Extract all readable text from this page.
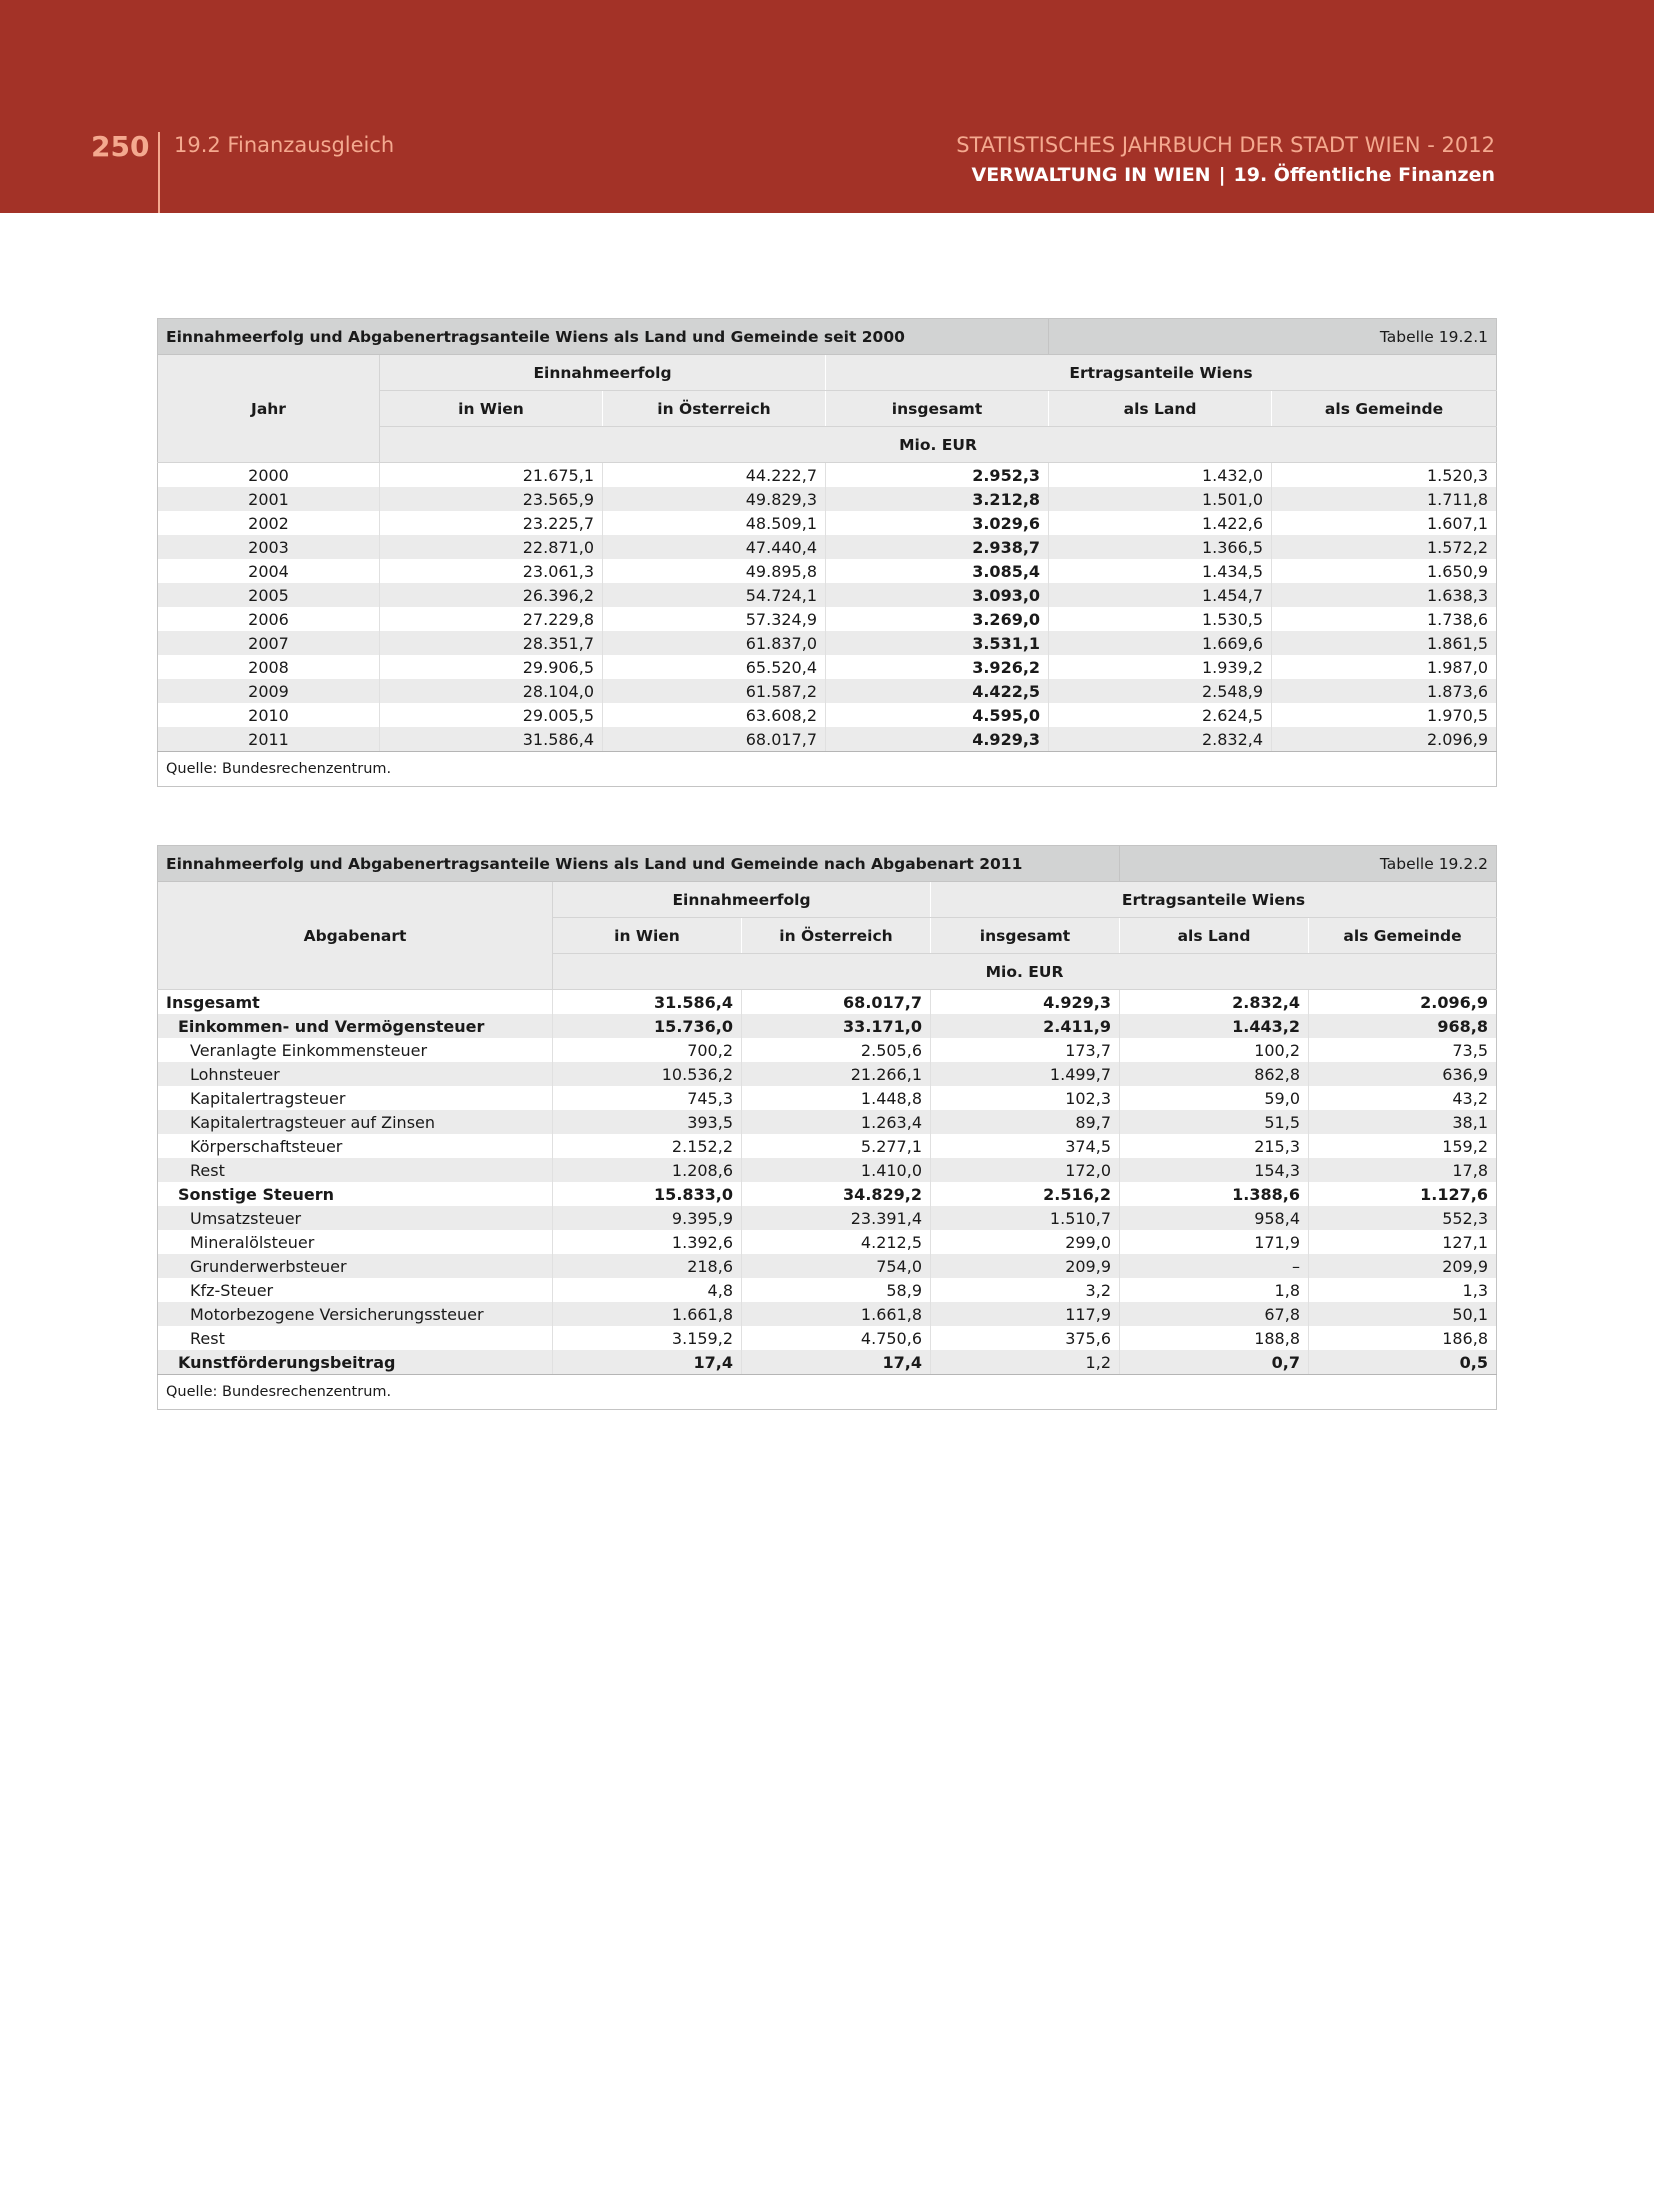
250 19.2 Finanzausgleich	STATISTISCHES JAHRBUCH DER STADT WIEN - 2012
VERWALTUNG IN WIEN | 19. Öffentliche Finanzen
Einnahmeerfolg und Abgabenertragsanteile Wiens als Land und Gemeinde seit 2000				Tabelle 19.2.1	
Jahr	Einnahmeerfolg		Ertragsanteile Wiens		
	in Wien	in Österreich	insgesamt	als Land	als Gemeinde
	Mio. EUR				
2000	21.675,1	44.222,7	2.952,3	1.432,0	1.520,3
2001	23.565,9	49.829,3	3.212,8	1.501,0	1.711,8
2002	23.225,7	48.509,1	3.029,6	1.422,6	1.607,1
2003	22.871,0	47.440,4	2.938,7	1.366,5	1.572,2
2004	23.061,3	49.895,8	3.085,4	1.434,5	1.650,9
2005	26.396,2	54.724,1	3.093,0	1.454,7	1.638,3
2006	27.229,8	57.324,9	3.269,0	1.530,5	1.738,6
2007	28.351,7	61.837,0	3.531,1	1.669,6	1.861,5
2008	29.906,5	65.520,4	3.926,2	1.939,2	1.987,0
2009	28.104,0	61.587,2	4.422,5	2.548,9	1.873,6
2010	29.005,5	63.608,2	4.595,0	2.624,5	1.970,5
2011	31.586,4	68.017,7	4.929,3	2.832,4	2.096,9
Quelle: Bundesrechenzentrum.					
Einnahmeerfolg und Abgabenertragsanteile Wiens als Land und Gemeinde nach Abgabenart 2011				Tabelle 19.2.2	
Abgabenart	Einnahmeerfolg		Ertragsanteile Wiens		
	in Wien	in Österreich	insgesamt	als Land	als Gemeinde
	Mio. EUR				
Insgesamt	31.586,4	68.017,7	4.929,3	2.832,4	2.096,9
Einkommen- und Vermögensteuer	15.736,0	33.171,0	2.411,9	1.443,2	968,8
Veranlagte Einkommensteuer	700,2	2.505,6	173,7	100,2	73,5
Lohnsteuer	10.536,2	21.266,1	1.499,7	862,8	636,9
Kapitalertragsteuer	745,3	1.448,8	102,3	59,0	43,2
Kapitalertragsteuer auf Zinsen	393,5	1.263,4	89,7	51,5	38,1
Körperschaftsteuer	2.152,2	5.277,1	374,5	215,3	159,2
Rest	1.208,6	1.410,0	172,0	154,3	17,8
Sonstige Steuern	15.833,0	34.829,2	2.516,2	1.388,6	1.127,6
Umsatzsteuer	9.395,9	23.391,4	1.510,7	958,4	552,3
Mineralölsteuer	1.392,6	4.212,5	299,0	171,9	127,1
Grunderwerbsteuer	218,6	754,0	209,9	–	209,9
Kfz-Steuer	4,8	58,9	3,2	1,8	1,3
Motorbezogene Versicherungssteuer	1.661,8	1.661,8	117,9	67,8	50,1
Rest	3.159,2	4.750,6	375,6	188,8	186,8
Kunstförderungsbeitrag	17,4	17,4	1,2	0,7	0,5
Quelle: Bundesrechenzentrum.					
